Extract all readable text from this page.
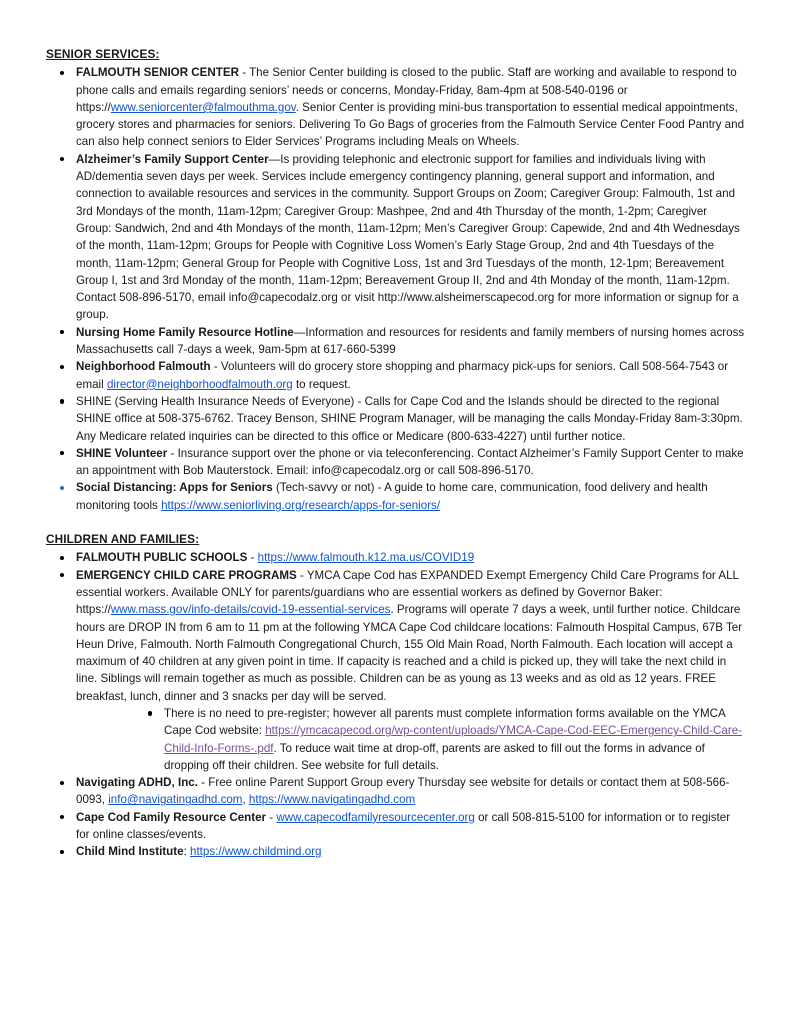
SENIOR SERVICES:
FALMOUTH SENIOR CENTER - The Senior Center building is closed to the public. Staff are working and available to respond to phone calls and emails regarding seniors’ needs or concerns, Monday-Friday, 8am-4pm at 508-540-0196 or https://www.seniorcenter@falmouthma.gov. Senior Center is providing mini-bus transportation to essential medical appointments, grocery stores and pharmacies for seniors. Delivering To Go Bags of groceries from the Falmouth Service Center Food Pantry and can also help connect seniors to Elder Services’ Programs including Meals on Wheels.
Alzheimer’s Family Support Center—Is providing telephonic and electronic support for families and individuals living with AD/dementia seven days per week. Services include emergency contingency planning, general support and information, and connection to available resources and services in the community. Support Groups on Zoom; Caregiver Group: Falmouth, 1st and 3rd Mondays of the month, 11am-12pm; Caregiver Group: Mashpee, 2nd and 4th Thursday of the month, 1-2pm; Caregiver Group: Sandwich, 2nd and 4th Mondays of the month, 11am-12pm; Men’s Caregiver Group: Capewide, 2nd and 4th Wednesdays of the month, 11am-12pm; Groups for People with Cognitive Loss Women’s Early Stage Group, 2nd and 4th Tuesdays of the month, 11am-12pm; General Group for People with Cognitive Loss, 1st and 3rd Tuesdays of the month, 12-1pm; Bereavement Group I, 1st and 3rd Monday of the month, 11am-12pm; Bereavement Group II, 2nd and 4th Monday of the month, 11am-12pm. Contact 508-896-5170, email info@capecodalz.org or visit http://www.alsheimerscapecod.org for more information or signup for a group.
Nursing Home Family Resource Hotline—Information and resources for residents and family members of nursing homes across Massachusetts call 7-days a week, 9am-5pm at 617-660-5399
Neighborhood Falmouth - Volunteers will do grocery store shopping and pharmacy pick-ups for seniors. Call 508-564-7543 or email director@neighborhoodfalmouth.org to request.
SHINE (Serving Health Insurance Needs of Everyone) - Calls for Cape Cod and the Islands should be directed to the regional SHINE office at 508-375-6762. Tracey Benson, SHINE Program Manager, will be managing the calls Monday-Friday 8am-3:30pm. Any Medicare related inquiries can be directed to this office or Medicare (800-633-4227) until further notice.
SHINE Volunteer - Insurance support over the phone or via teleconferencing. Contact Alzheimer’s Family Support Center to make an appointment with Bob Mauterstock. Email: info@capecodalz.org or call 508-896-5170.
Social Distancing: Apps for Seniors (Tech-savvy or not) - A guide to home care, communication, food delivery and health monitoring tools https://www.seniorliving.org/research/apps-for-seniors/
CHILDREN AND FAMILIES:
FALMOUTH PUBLIC SCHOOLS - https://www.falmouth.k12.ma.us/COVID19
EMERGENCY CHILD CARE PROGRAMS - YMCA Cape Cod has EXPANDED Exempt Emergency Child Care Programs for ALL essential workers. Available ONLY for parents/guardians who are essential workers as defined by Governor Baker: https://www.mass.gov/info-details/covid-19-essential-services. Programs will operate 7 days a week, until further notice. Childcare hours are DROP IN from 6 am to 11 pm at the following YMCA Cape Cod childcare locations: Falmouth Hospital Campus, 67B Ter Heun Drive, Falmouth. North Falmouth Congregational Church, 155 Old Main Road, North Falmouth. Each location will accept a maximum of 40 children at any given point in time. If capacity is reached and a child is picked up, they will take the next child in line. Siblings will remain together as much as possible. Children can be as young as 13 weeks and as old as 12 years. FREE breakfast, lunch, dinner and 3 snacks per day will be served.
There is no need to pre-register; however all parents must complete information forms available on the YMCA Cape Cod website: https://ymcacapecod.org/wp-content/uploads/YMCA-Cape-Cod-EEC-Emergency-Child-Care-Child-Info-Forms-.pdf. To reduce wait time at drop-off, parents are asked to fill out the forms in advance of dropping off their children. See website for full details.
Navigating ADHD, Inc. - Free online Parent Support Group every Thursday see website for details or contact them at 508-566-0093, info@navigatingadhd.com, https://www.navigatingadhd.com
Cape Cod Family Resource Center - www.capecodfamilyresourcecenter.org or call 508-815-5100 for information or to register for online classes/events.
Child Mind Institute: https://www.childmind.org
